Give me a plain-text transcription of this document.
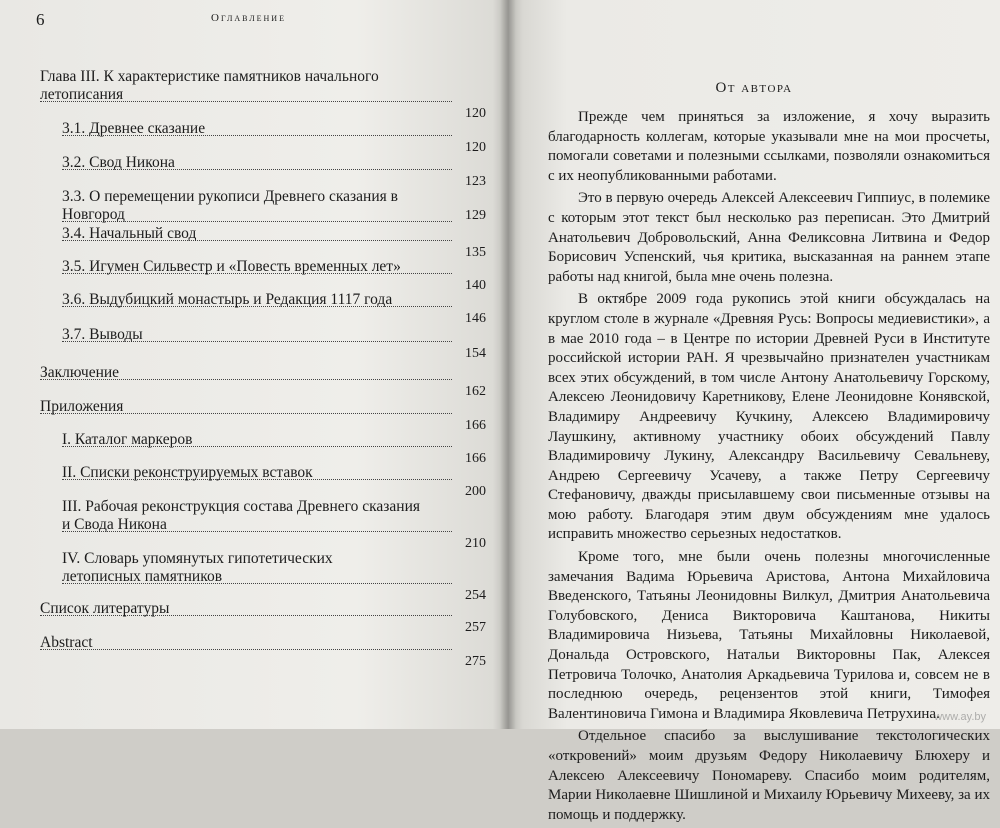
6	Оглавление
Глава III. К характеристике памятников начального
летописания
120
3.1. Древнее сказание
120
3.2. Свод Никона
123
3.3. О перемещении рукописи Древнего сказания в Новгород	129
3.4. Начальный свод
135
3.5. Игумен Сильвестр и «Повесть временных лет»
140
3.6. Выдубицкий монастырь и Редакция 1117 года
146
3.7. Выводы
154
Заключение
162
Приложения
166
I. Каталог маркеров
166
II. Списки реконструируемых вставок
200
III. Рабочая реконструкция состава Древнего сказания
и Свода Никона
210
IV. Словарь упомянутых гипотетических
летописных памятников
254
Список литературы
257
Abstract
275
От автора

Прежде чем приняться за изложение, я хочу выразить благодарность коллегам, которые указывали мне на мои просчеты, помогали советами и полезными ссылками, позволяли ознакомиться с их неопубликованными работами.

Это в первую очередь Алексей Алексеевич Гиппиус, в полемике с которым этот текст был несколько раз переписан. Это Дмитрий Анатольевич Добровольский, Анна Феликсовна Литвина и Федор Борисович Успенский, чья критика, высказанная на раннем этапе работы над книгой, была мне очень полезна.

В октябре 2009 года рукопись этой книги обсуждалась на круглом столе в журнале «Древняя Русь: Вопросы медиевистики», а в мае 2010 года – в Центре по истории Древней Руси в Институте российской истории РАН. Я чрезвычайно признателен участникам всех этих обсуждений, в том числе Антону Анатольевичу Горскому, Алексею Леонидовичу Каретникову, Елене Леонидовне Конявской, Владимиру Андреевичу Кучкину, Алексею Владимировичу Лаушкину, активному участнику обоих обсуждений Павлу Владимировичу Лукину, Александру Васильевичу Севальневу, Андрею Сергеевичу Усачеву, а также Петру Сергеевичу Стефановичу, дважды присылавшему свои письменные отзывы на мою работу. Благодаря этим двум обсуждениям мне удалось исправить множество серьезных недостатков.

Кроме того, мне были очень полезны многочисленные замечания Вадима Юрьевича Аристова, Антона Михайловича Введенского, Татьяны Леонидовны Вилкул, Дмитрия Анатольевича Голубовского, Дениса Викторовича Каштанова, Никиты Владимировича Низьева, Татьяны Михайловны Николаевой, Дональда Островского, Натальи Викторовны Пак, Алексея Петровича Толочко, Анатолия Аркадьевича Турилова и, совсем не в последнюю очередь, рецензентов этой книги, Тимофея Валентиновича Гимона и Владимира Яковлевича Петрухина.

Отдельное спасибо за выслушивание текстологических «откровений» моим друзьям Федору Николаевичу Блюхеру и Алексею Алексеевичу Пономареву. Спасибо моим родителям, Марии Николаевне Шишлиной и Михаилу Юрьевичу Михееву, за их помощь и поддержку.

www.ay.by
